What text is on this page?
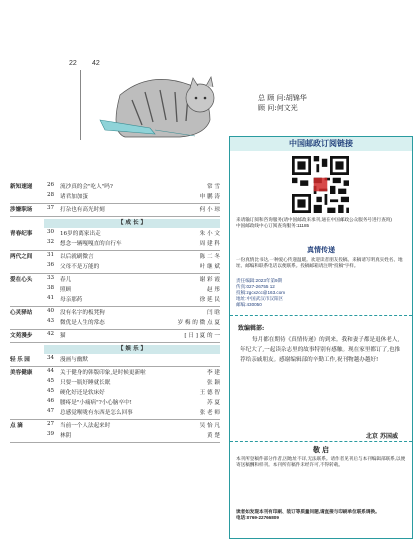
22 42
总 顾 问:胡锦华
顾 问:何文光
新知速递	26	流沙真的会"吃人"吗?	常 雪
28	诸君加加蛋	申 鹏 涛
涉嫌职场	37	打杂也有高光时刻	何 小 琼
【 成 长 】
青春纪事	30	16岁的离家出走	朱 小 文
32	想念一辆嘎嘎直的自行车	周 建 科
两代之间	31	以后就刷微言	陈 二 冬
36	父母不是万能的	叶 继 斌
爱在心头	33	春儿	谢 彩 霞
38	照顾	赵 彤
41	母亲那药	徐 延 民
心灵驿站	40	没有名字的板凳狗	闫 晗
43	微优是人生的常态	岁 梅 的 微 点 夏
文苑漫步	42	猫	[ 日 ] 夏 的 一
【 娱 乐 】
轻 乐 园	34	漫画与幽默
美容健康	44	关于健身的韩版印象,是时候更新啦	李 建
45	只要一瓶好睡就长眠	张 颖
45	硬化好还是软床好	王 德 智
46	腰疼是"小痛病"?小心脑卒中!	苏 夏
47	总感觉喉咙有东西是怎么回事	张 老 师
点 滴	27	当前一个人法起来时	吴 怡 凡
39	林阴	黄 楚
中国邮政订阅链接
来请输订阅和咨询服务(请中国邮政来承刊,通在中国邮政公众服务号进行查询)
中国邮政线中心订阅查询服务:11185
真情传递
一份真情比书达,一种爱心传递温暖。欢迎读者朋友投稿。来稿请写明真实姓名、地址、邮编和联系电话以便联系。投稿邮箱请注明“投稿”字样。
责任编辑:2023年第9期
传真:027-26755 12
投稿:zgcxzcc@163.com
地址:中国武汉市汉阳区
邮编:430050
致编辑部:
每月都在期待《真情传递》的到来。我和妻子都是退休老人,年纪大了,一起读杂志里的故事特别有感触。现在家里都订了,也推荐给亲戚朋友。感谢编辑部的辛勤工作,祝刊物越办越好!
北京 苏国威
敬 启
本刊所登稿件部分作者,因地址不详,无法联系。请作者见刊后与本刊编辑部联系,以便寄送稿酬和样刊。本刊所有稿件未经许可,不得转载。
读者如发现本刊有印刷、装订等质量问题,请直接与印刷单位联系调换。
电话:0769-22766809
